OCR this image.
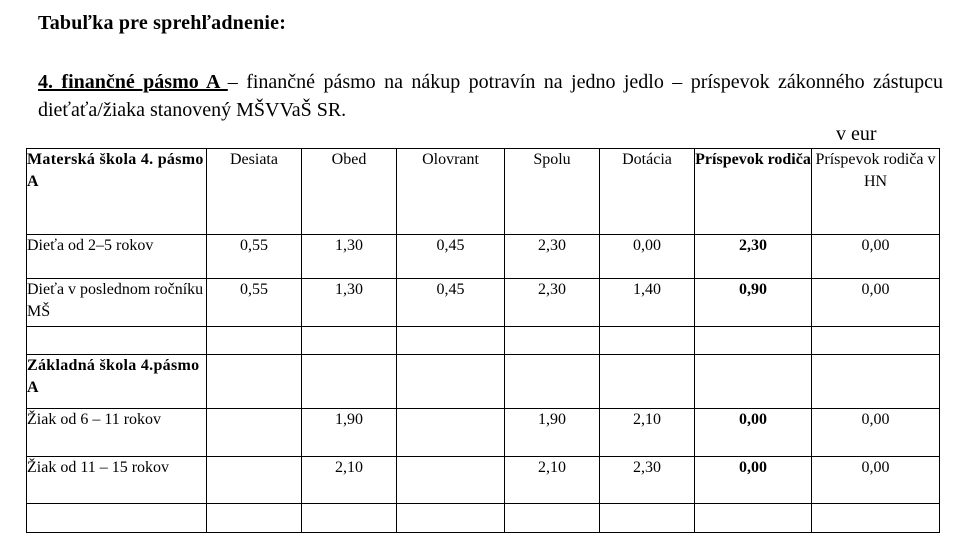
Tabuľka pre sprehľadnenie:
4. finančné pásmo A – finančné pásmo na nákup potravín na jedno jedlo – príspevok zákonného zástupcu dieťaťa/žiaka stanovený MŠVVaŠ SR.
v eur
Materská škola 4. pásmo A	Desiata	Obed	Olovrant	Spolu	Dotácia	Príspevok rodiča	Príspevok rodiča v HN
Dieťa od 2–5 rokov	0,55	1,30	0,45	2,30	0,00	2,30	0,00
Dieťa v poslednom ročníku MŠ	0,55	1,30	0,45	2,30	1,40	0,90	0,00

Základná škola 4.pásmo A							
Žiak od 6 – 11 rokov		1,90		1,90	2,10	0,00	0,00
Žiak od 11 – 15 rokov		2,10		2,10	2,30	0,00	0,00
